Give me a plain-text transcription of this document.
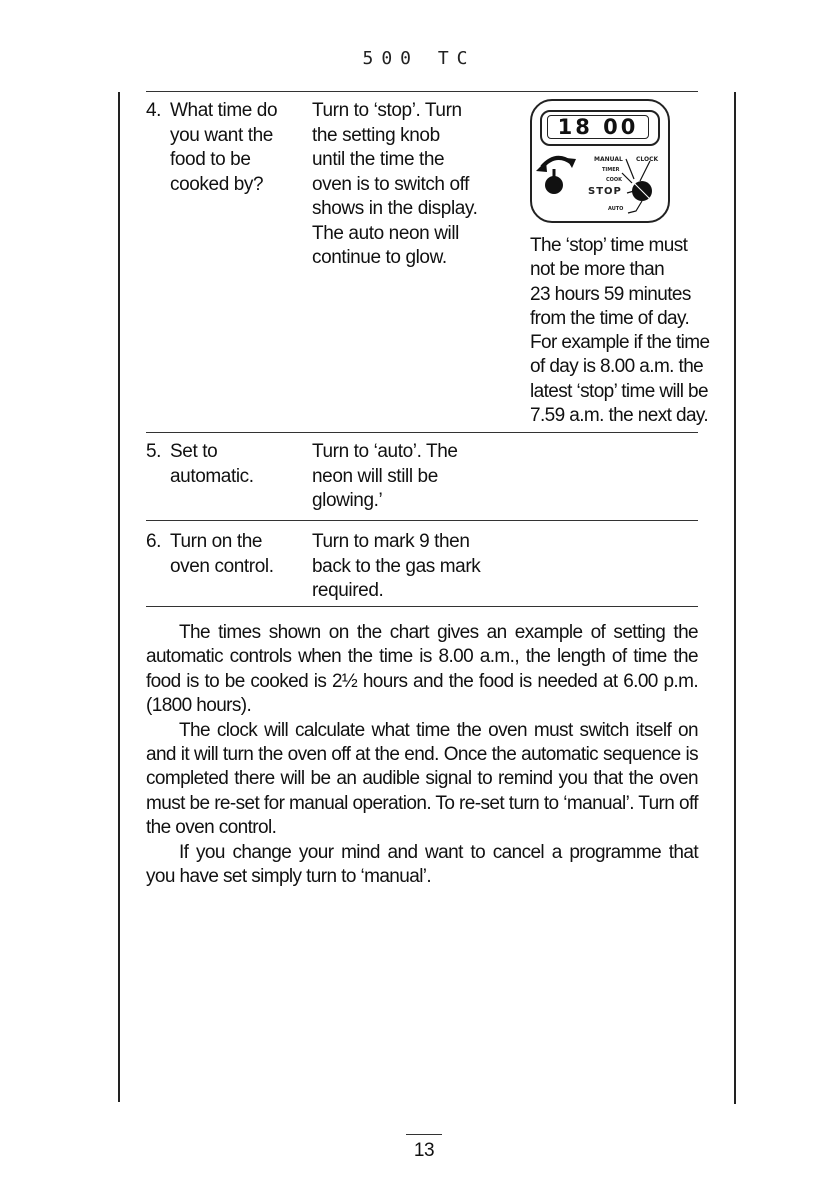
500 TC
4. What time do
you want the
food to be
cooked by?
Turn to ‘stop’. Turn
the setting knob
until the time the
oven is to switch off
shows in the display.
The auto neon will
continue to glow.
18 00
MANUAL CLOCK
TIMER
COOK
STOP
AUTO
The ‘stop’ time must
not be more than
23 hours 59 minutes
from the time of day.
For example if the time
of day is 8.00 a.m. the
latest ‘stop’ time will be
7.59 a.m. the next day.
5. Set to
automatic.
Turn to ‘auto’. The
neon will still be
glowing.’
6. Turn on the
oven control.
Turn to mark 9 then
back to the gas mark
required.

The times shown on the chart gives an example of setting the automatic controls when the time is 8.00 a.m., the length of time the food is to be cooked is 2½ hours and the food is needed at 6.00 p.m. (1800 hours).

The clock will calculate what time the oven must switch itself on and it will turn the oven off at the end. Once the automatic sequence is completed there will be an audible signal to remind you that the oven must be re-set for manual operation. To re-set turn to ‘manual’. Turn off the oven control.

If you change your mind and want to cancel a programme that you have set simply turn to ‘manual’.

13
